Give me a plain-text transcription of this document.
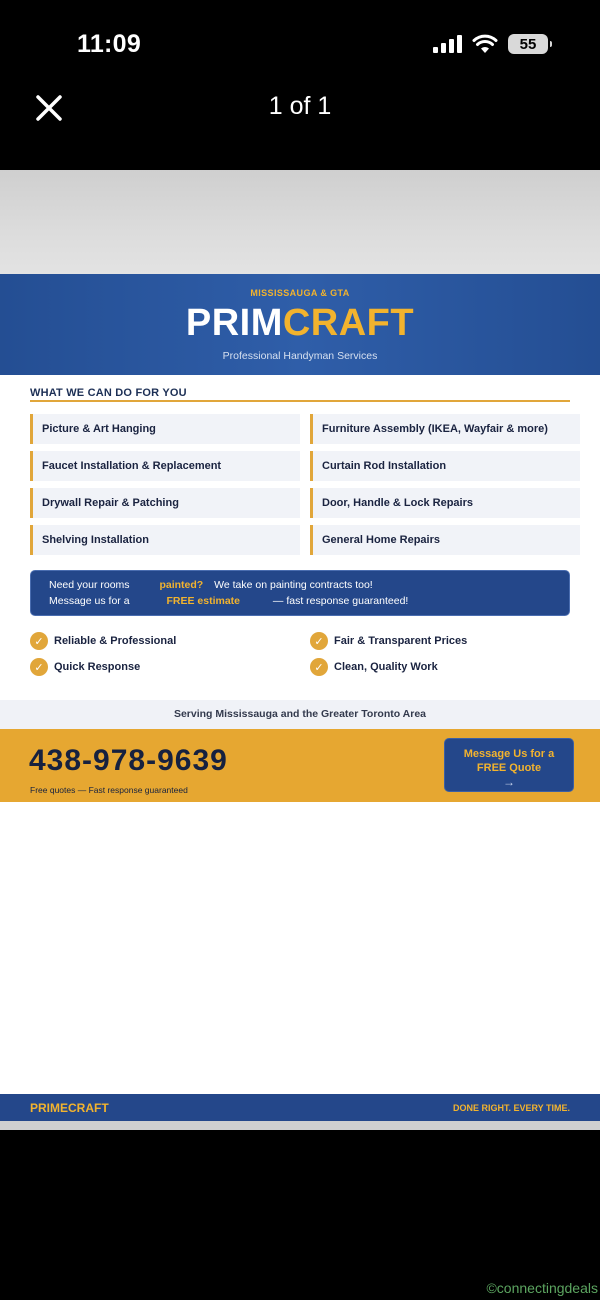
11:09	55
1 of 1
MISSISSAUGA & GTA
PRIMCRAFT
Professional Handyman Services
WHAT WE CAN DO FOR YOU
Picture & Art Hanging	Furniture Assembly (IKEA, Wayfair & more)
Faucet Installation & Replacement	Curtain Rod Installation
Drywall Repair & Patching	Door, Handle & Lock Repairs
Shelving Installation	General Home Repairs
Need your rooms	painted? We take on painting contracts too!
Message us for a	FREE estimate	— fast response guaranteed!
✓ Reliable & Professional	✓ Fair & Transparent Prices
✓ Quick Response	✓ Clean, Quality Work
Serving Mississauga and the Greater Toronto Area
438-978-9639
Free quotes — Fast response guaranteed
Message Us for a
FREE Quote
→
PRIMECRAFT	DONE RIGHT. EVERY TIME.
©connectingdeals
